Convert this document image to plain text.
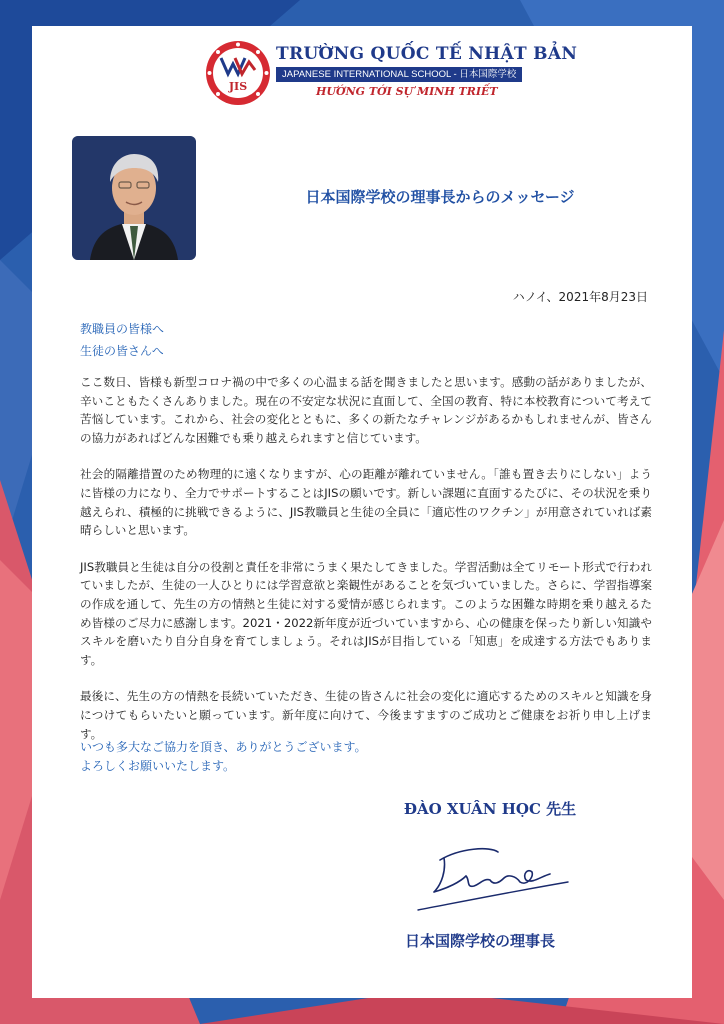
JIS
TRƯỜNG QUỐC TẾ NHẬT BẢN
JAPANESE INTERNATIONAL SCHOOL - 日本国際学校
HƯỚNG TỚI SỰ MINH TRIẾT
日本国際学校の理事長からのメッセージ
ハノイ、2021年8月23日
教職員の皆様へ
生徒の皆さんへ

ここ数日、皆様も新型コロナ禍の中で多くの心温まる話を聞きましたと思います。感動の話がありましたが、辛いこともたくさんありました。現在の不安定な状況に直面して、全国の教育、特に本校教育について考えて苦悩しています。これから、社会の変化とともに、多くの新たなチャレンジがあるかもしれませんが、皆さんの協力があればどんな困難でも乗り越えられますと信じています。

社会的隔離措置のため物理的に遠くなりますが、心の距離が離れていません。「誰も置き去りにしない」ように皆様の力になり、全力でサポートすることはJISの願いです。新しい課題に直面するたびに、その状況を乗り越えられ、積極的に挑戦できるように、JIS教職員と生徒の全員に「適応性のワクチン」が用意されていれば素晴らしいと思います。

JIS教職員と生徒は自分の役割と責任を非常にうまく果たしてきました。学習活動は全てリモート形式で行われていましたが、生徒の一人ひとりには学習意欲と楽観性があることを気づいていました。さらに、学習指導案の作成を通して、先生の方の情熱と生徒に対する愛情が感じられます。このような困難な時期を乗り越えるため皆様のご尽力に感謝します。2021・2022新年度が近づいていますから、心の健康を保ったり新しい知識やスキルを磨いたり自分自身を育てしましょう。それはJISが目指している「知恵」を成達する方法でもあります。

最後に、先生の方の情熱を長続いていただき、生徒の皆さんに社会の変化に適応するためのスキルと知識を身につけてもらいたいと願っています。新年度に向けて、今後ますますのご成功とご健康をお祈り申し上げます。

いつも多大なご協力を頂き、ありがとうございます。
よろしくお願いいたします。
ĐÀO XUÂN HỌC 先生
日本国際学校の理事長
